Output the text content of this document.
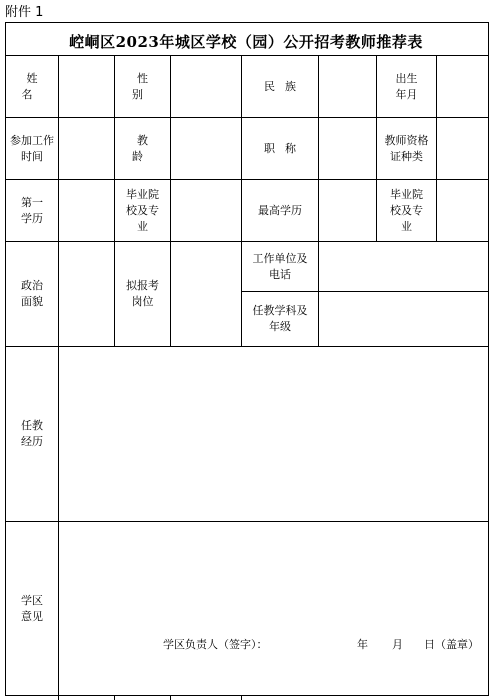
附件 1
崆峒区2023年城区学校（园）公开招考教师推荐表
姓名
性别
民族
出生年月
参加工作时间
教龄
职称
教师资格证种类
第一学历
毕业院校及专业
最高学历
毕业院校及专业
政治面貌
拟报考岗位
工作单位及电话
任教学科及年级
任教经历
学区意见
学区负责人（签字）：	年 月 日（盖章）
